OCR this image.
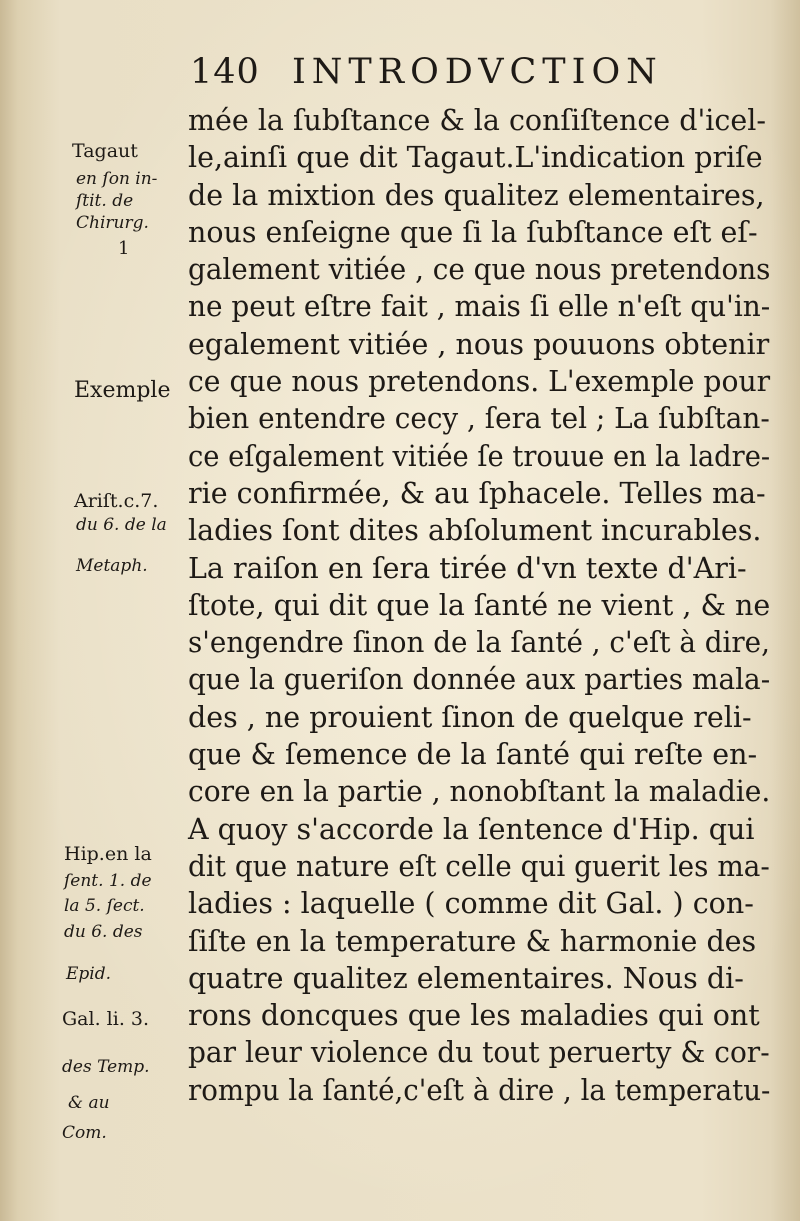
140 INTRODVCTION
Tagaut
en ſon in-
ſtit. de
Chirurg.
1
Exemple
Ariſt.c.7.
du 6. de la
Metaph.
Hip.en la
ſent. 1. de
la 5. ſect.
du 6. des
Epid.
Gal. li. 3.
des Temp.
& au
Com.
mée la ſubſtance & la conſiſtence d'icel-
le,ainſi que dit Tagaut.L'indication priſe
de la mixtion des qualitez elementaires,
nous enſeigne que ſi la ſubſtance eſt eſ-
galement vitiée , ce que nous pretendons
ne peut eſtre fait , mais ſi elle n'eſt qu'in-
egalement vitiée , nous pouuons obtenir
ce que nous pretendons. L'exemple pour
bien entendre cecy , ſera tel ; La ſubſtan-
ce eſgalement vitiée ſe trouue en la ladre-
rie confirmée, & au ſphacele. Telles ma-
ladies ſont dites abſolument incurables.
La raiſon en ſera tirée d'vn texte d'Ari-
ſtote, qui dit que la ſanté ne vient , & ne
s'engendre ſinon de la ſanté , c'eſt à dire,
que la gueriſon donnée aux parties mala-
des , ne prouient ſinon de quelque reli-
que & ſemence de la ſanté qui reſte en-
core en la partie , nonobſtant la maladie.
A quoy s'accorde la ſentence d'Hip. qui
dit que nature eſt celle qui guerit les ma-
ladies : laquelle ( comme dit Gal. ) con-
ſiſte en la temperature & harmonie des
quatre qualitez elementaires. Nous di-
rons doncques que les maladies qui ont
par leur violence du tout peruerty & cor-
rompu la ſanté,c'eſt à dire , la temperatu-
